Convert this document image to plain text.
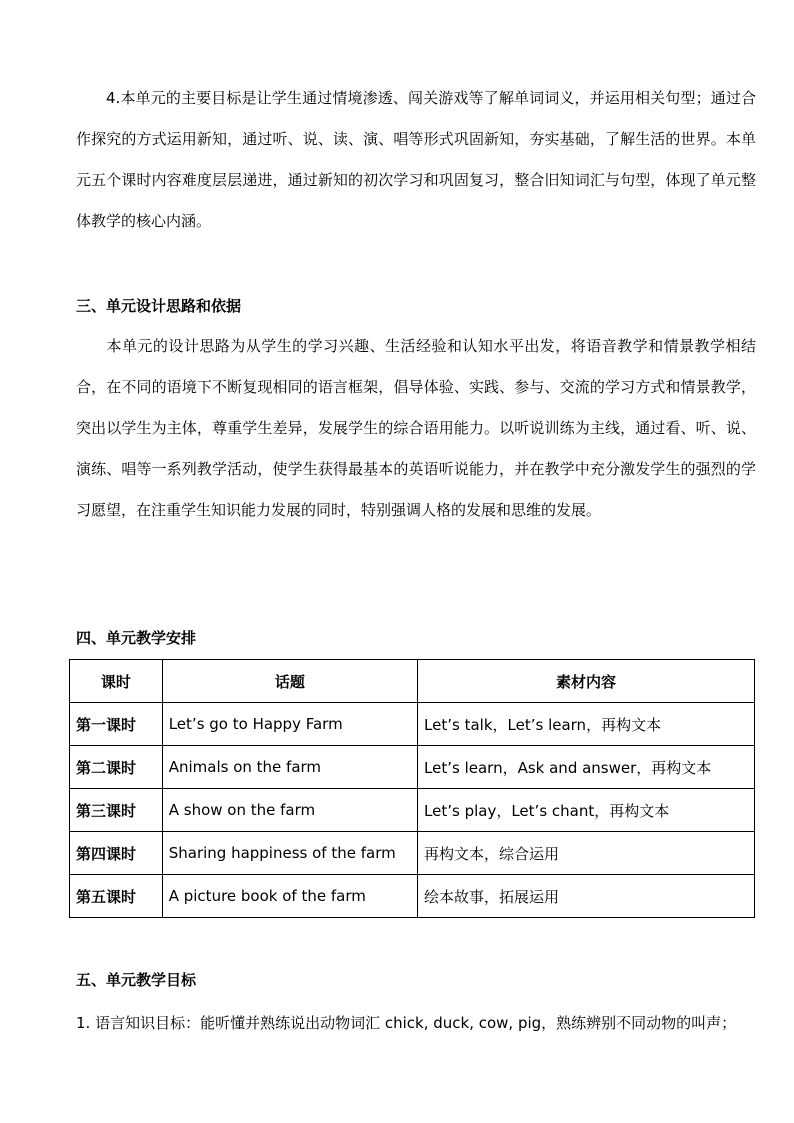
4.本单元的主要目标是让学生通过情境渗透、闯关游戏等了解单词词义，并运用相关句型；通过合作探究的方式运用新知，通过听、说、读、演、唱等形式巩固新知，夯实基础，了解生活的世界。本单元五个课时内容难度层层递进，通过新知的初次学习和巩固复习，整合旧知词汇与句型，体现了单元整体教学的核心内涵。

三、单元设计思路和依据

本单元的设计思路为从学生的学习兴趣、生活经验和认知水平出发，将语音教学和情景教学相结合，在不同的语境下不断复现相同的语言框架，倡导体验、实践、参与、交流的学习方式和情景教学，突出以学生为主体，尊重学生差异，发展学生的综合语用能力。以听说训练为主线，通过看、听、说、演练、唱等一系列教学活动，使学生获得最基本的英语听说能力，并在教学中充分激发学生的强烈的学习愿望，在注重学生知识能力发展的同时，特别强调人格的发展和思维的发展。

四、单元教学安排
课时	话题	素材内容
第一课时	Let’s go to Happy Farm	Let’s talk，Let’s learn，再构文本
第二课时	Animals on the farm	Let’s learn，Ask and answer，再构文本
第三课时	A show on the farm	Let’s play，Let’s chant，再构文本
第四课时	Sharing happiness of the farm	再构文本，综合运用
第五课时	A picture book of the farm	绘本故事，拓展运用
五、单元教学目标

1. 语言知识目标：能听懂并熟练说出动物词汇 chick, duck, cow, pig，熟练辨别不同动物的叫声；
